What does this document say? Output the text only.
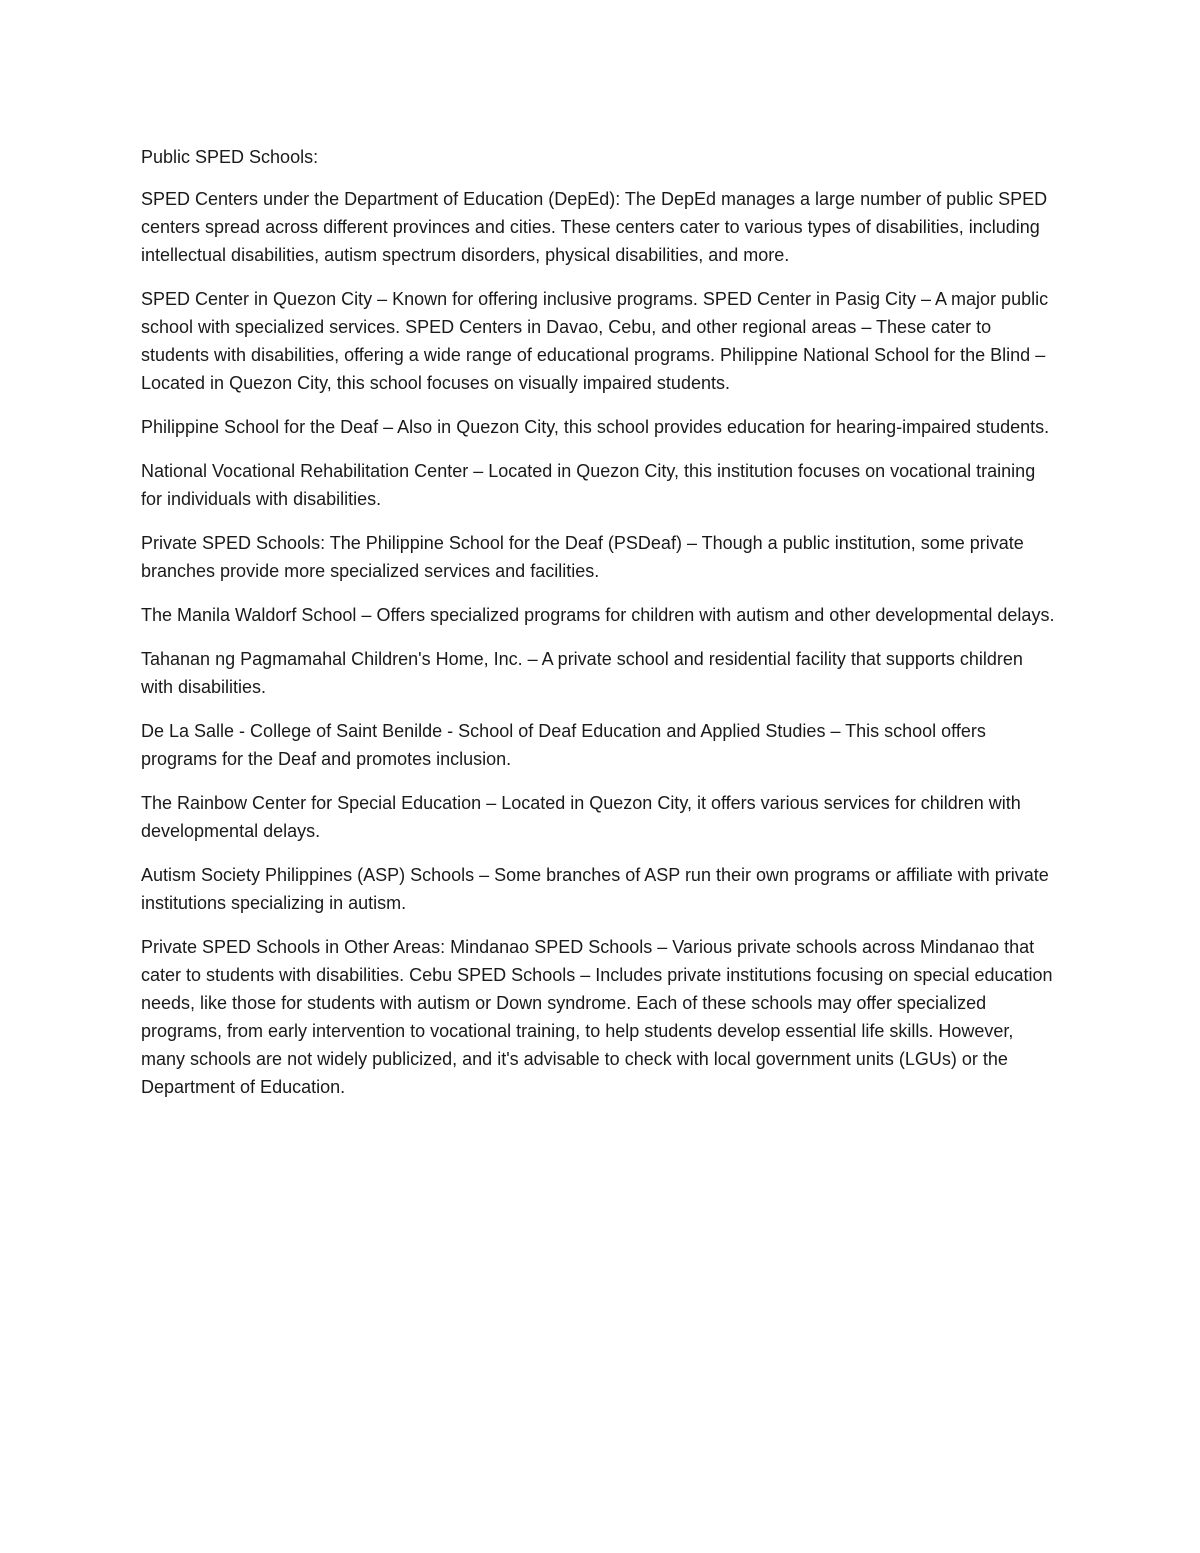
Public SPED Schools:

SPED Centers under the Department of Education (DepEd): The DepEd manages a large number of public SPED centers spread across different provinces and cities. These centers cater to various types of disabilities, including intellectual disabilities, autism spectrum disorders, physical disabilities, and more.

SPED Center in Quezon City – Known for offering inclusive programs. SPED Center in Pasig City – A major public school with specialized services. SPED Centers in Davao, Cebu, and other regional areas – These cater to students with disabilities, offering a wide range of educational programs. Philippine National School for the Blind – Located in Quezon City, this school focuses on visually impaired students.

Philippine School for the Deaf – Also in Quezon City, this school provides education for hearing-impaired students.

National Vocational Rehabilitation Center – Located in Quezon City, this institution focuses on vocational training for individuals with disabilities.

Private SPED Schools: The Philippine School for the Deaf (PSDeaf) – Though a public institution, some private branches provide more specialized services and facilities.

The Manila Waldorf School – Offers specialized programs for children with autism and other developmental delays.

Tahanan ng Pagmamahal Children's Home, Inc. – A private school and residential facility that supports children with disabilities.

De La Salle - College of Saint Benilde - School of Deaf Education and Applied Studies – This school offers programs for the Deaf and promotes inclusion.

The Rainbow Center for Special Education – Located in Quezon City, it offers various services for children with developmental delays.

Autism Society Philippines (ASP) Schools – Some branches of ASP run their own programs or affiliate with private institutions specializing in autism.

Private SPED Schools in Other Areas: Mindanao SPED Schools – Various private schools across Mindanao that cater to students with disabilities. Cebu SPED Schools – Includes private institutions focusing on special education needs, like those for students with autism or Down syndrome. Each of these schools may offer specialized programs, from early intervention to vocational training, to help students develop essential life skills. However, many schools are not widely publicized, and it's advisable to check with local government units (LGUs) or the Department of Education.
